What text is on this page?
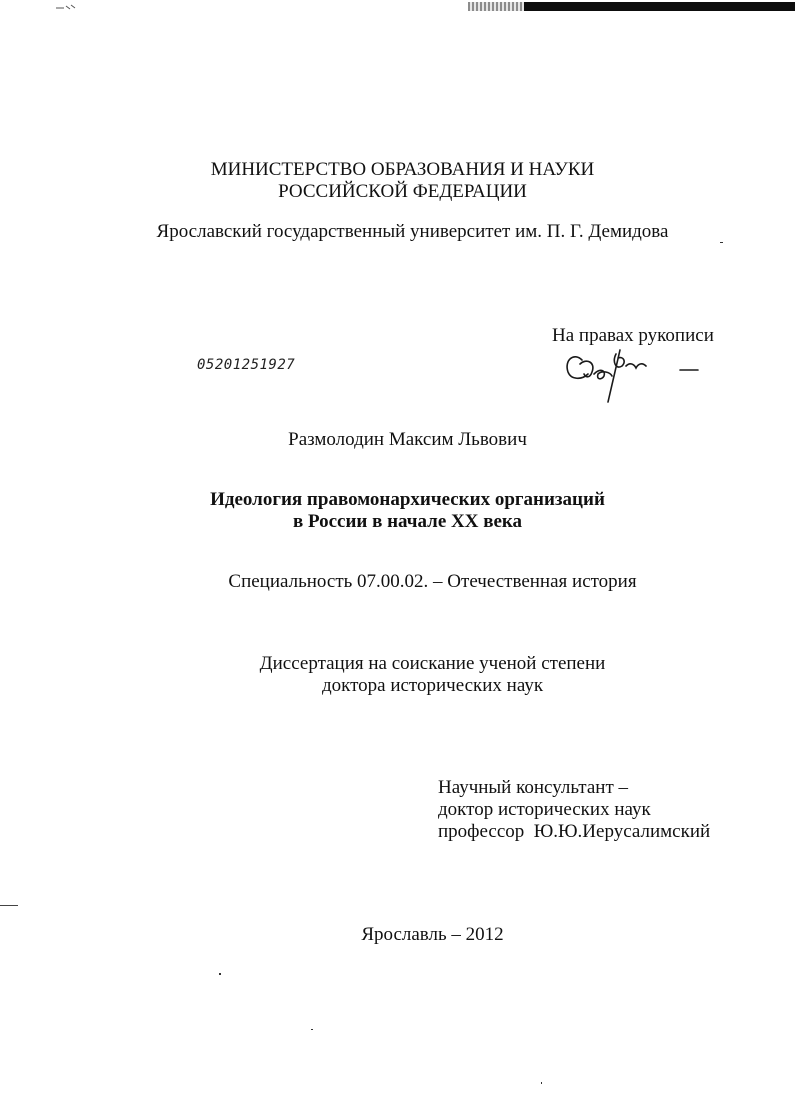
МИНИСТЕРСТВО ОБРАЗОВАНИЯ И НАУКИ
РОССИЙСКОЙ ФЕДЕРАЦИИ
Ярославский государственный университет им. П. Г. Демидова
На правах рукописи
05201251927
Размолодин Максим Львович
Идеология правомонархических организаций
в России в начале XX века
Специальность 07.00.02. – Отечественная история
Диссертация на соискание ученой степени
доктора исторических наук
Научный консультант –
доктор исторических наук
профессор  Ю.Ю.Иерусалимский
Ярославль – 2012
